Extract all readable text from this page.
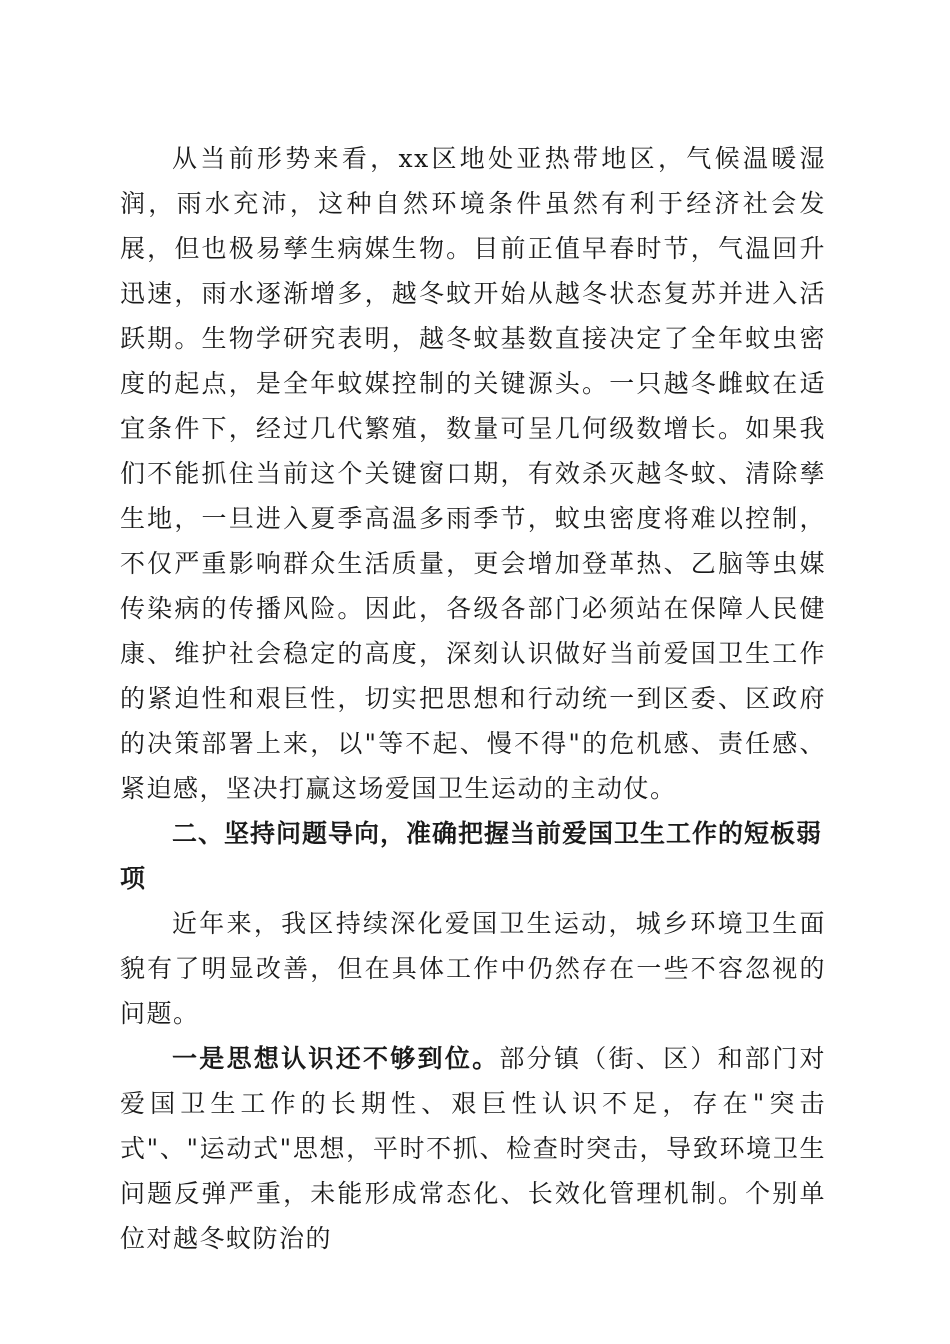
从当前形势来看，xx区地处亚热带地区，气候温暖湿润，雨水充沛，这种自然环境条件虽然有利于经济社会发展，但也极易孳生病媒生物。目前正值早春时节，气温回升迅速，雨水逐渐增多，越冬蚊开始从越冬状态复苏并进入活跃期。生物学研究表明，越冬蚊基数直接决定了全年蚊虫密度的起点，是全年蚊媒控制的关键源头。一只越冬雌蚊在适宜条件下，经过几代繁殖，数量可呈几何级数增长。如果我们不能抓住当前这个关键窗口期，有效杀灭越冬蚊、清除孳生地，一旦进入夏季高温多雨季节，蚊虫密度将难以控制，不仅严重影响群众生活质量，更会增加登革热、乙脑等虫媒传染病的传播风险。因此，各级各部门必须站在保障人民健康、维护社会稳定的高度，深刻认识做好当前爱国卫生工作的紧迫性和艰巨性，切实把思想和行动统一到区委、区政府的决策部署上来，以"等不起、慢不得"的危机感、责任感、紧迫感，坚决打赢这场爱国卫生运动的主动仗。

二、坚持问题导向，准确把握当前爱国卫生工作的短板弱项

近年来，我区持续深化爱国卫生运动，城乡环境卫生面貌有了明显改善，但在具体工作中仍然存在一些不容忽视的问题。

一是思想认识还不够到位。部分镇（街、区）和部门对爱国卫生工作的长期性、艰巨性认识不足，存在"突击式"、"运动式"思想，平时不抓、检查时突击，导致环境卫生问题反弹严重，未能形成常态化、长效化管理机制。个别单位对越冬蚊防治的
